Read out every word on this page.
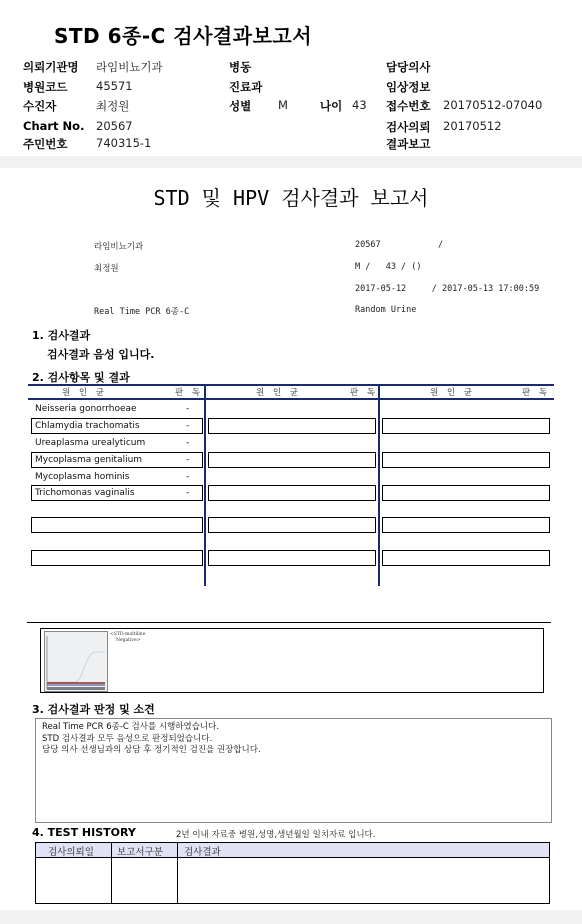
STD 6종-C 검사결과보고서
의뢰기관명 라임비뇨기과	병동	담당의사
병원코드 45571	진료과	임상정보
수진자	최정원	성별 M	나이 43 접수번호 20170512-07040
Chart No. 20567	검사의뢰 20170512
주민번호 740315-1	결과보고
STD 및 HPV 검사결과 보고서
라임비뇨기과	20567	/
최정원	M /   43 / ()
2017-05-12     / 2017-05-13 17:00:59
Real Time PCR 6종-C	Random Urine
1. 검사결과
검사결과 음성 입니다.
2. 검사항목 및 결과
원 인 균	판 독	원 인 균	판 독	원 인 균	판 독
Neisseria gonorrhoeae	-
Chlamydia trachomatis	-
Ureaplasma urealyticum	-
Mycoplasma genitalium	-
Mycoplasma hominis	-
Trichomonas vaginalis	-
<STD-multiline
Negative>
3. 검사결과 판정 및 소견
Real Time PCR 6종-C 검사를 시행하였습니다.
STD 검사결과 모두 음성으로 판정되었습니다.
담당 의사 선생님과의 상담 후 정기적인 검진을 권장합니다.
4. TEST HISTORY	2년 이내 자료중 병원,성명,생년월일 일치자료 입니다.
검사의뢰일 보고서구분 검사결과
